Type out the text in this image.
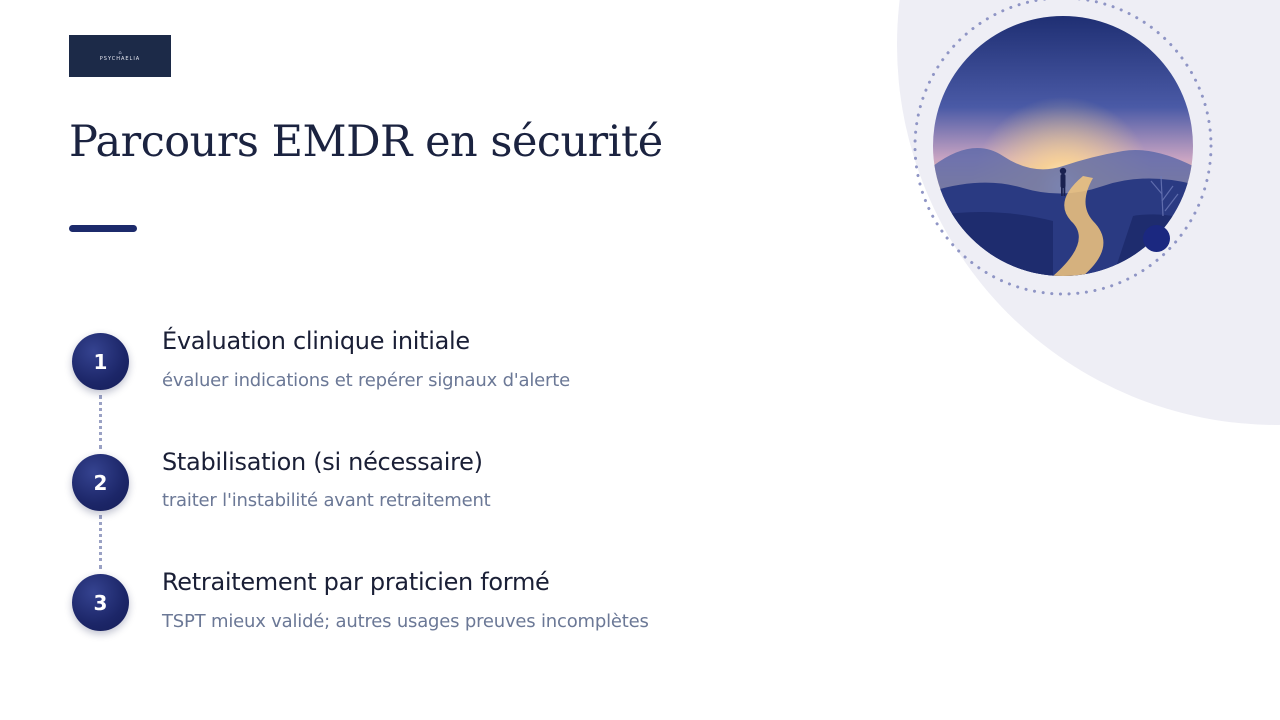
⌂
PSYCHAELIA
Parcours EMDR en sécurité
1
Évaluation clinique initiale

évaluer indications et repérer signaux d'alerte

2
Stabilisation (si nécessaire)

traiter l'instabilité avant retraitement

3
Retraitement par praticien formé

TSPT mieux validé; autres usages preuves incomplètes
